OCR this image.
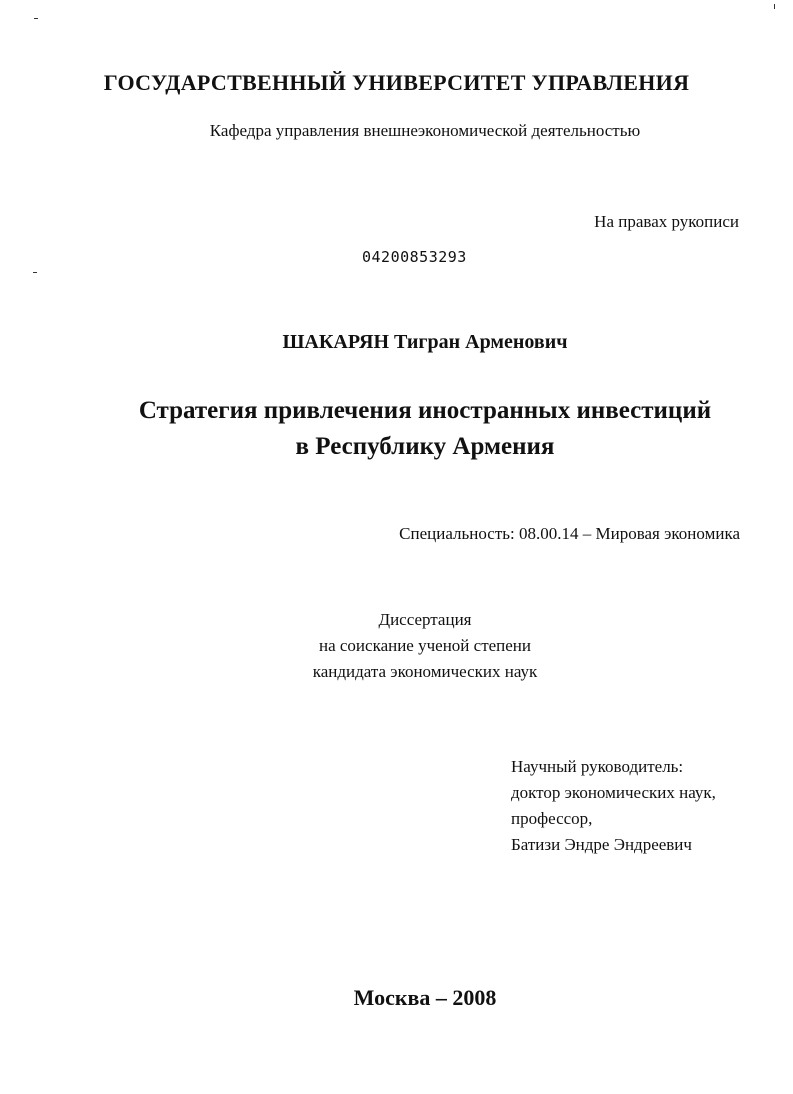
ГОСУДАРСТВЕННЫЙ УНИВЕРСИТЕТ УПРАВЛЕНИЯ
Кафедра управления внешнеэкономической деятельностью
На правах рукописи
04200853293
ШАКАРЯН Тигран Арменович
Стратегия привлечения иностранных инвестиций
в Республику Армения
Специальность: 08.00.14 – Мировая экономика
Диссертация
на соискание ученой степени
кандидата экономических наук
Научный руководитель:
доктор экономических наук,
профессор,
Батизи Эндре Эндреевич
Москва – 2008
